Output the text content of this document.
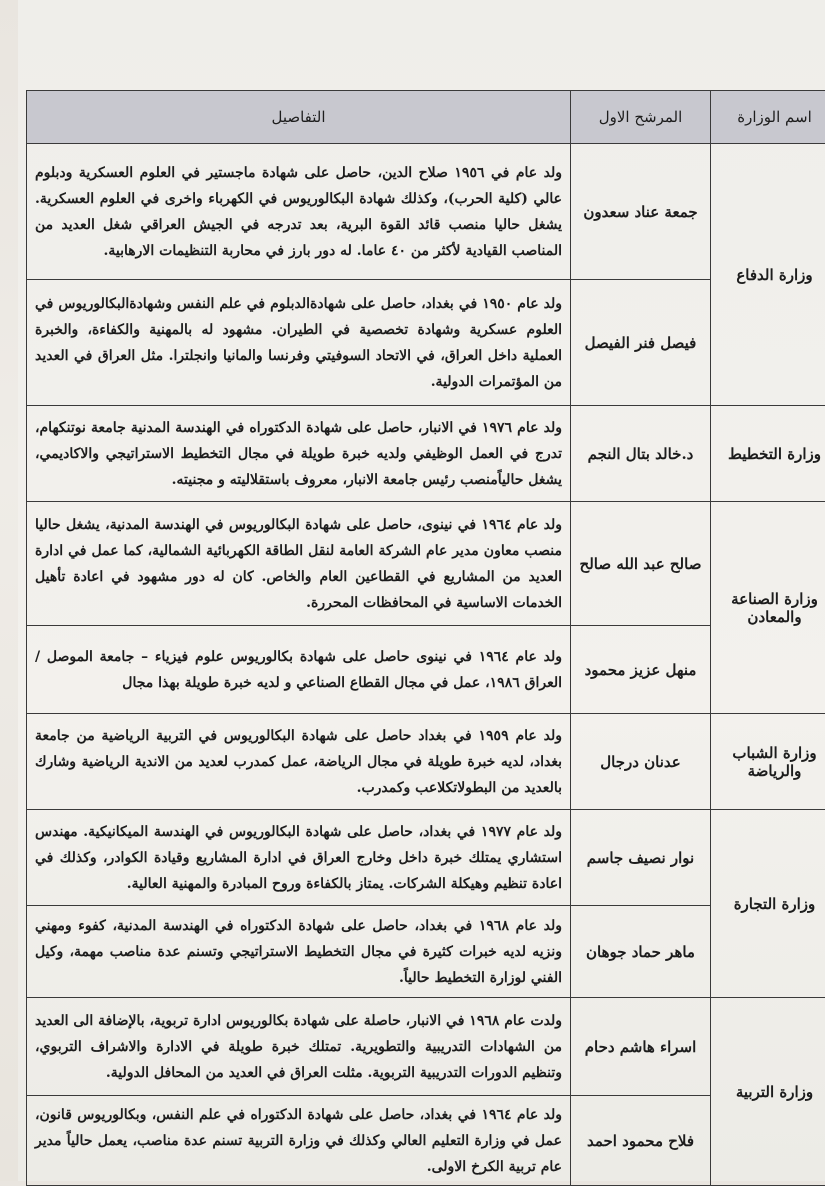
اسم الوزارة	المرشح الاول	التفاصيل
وزارة الدفاع	جمعة عناد سعدون	ولد عام في ١٩٥٦ صلاح الدين، حاصل على شهادة ماجستير في العلوم العسكرية ودبلوم عالي (كلية الحرب)، وكذلك شهادة البكالوريوس في الكهرباء واخرى في العلوم العسكرية. يشغل حاليا منصب قائد القوة البرية، بعد تدرجه في الجيش العراقي شغل العديد من المناصب القيادية لأكثر من ٤٠ عاما. له دور بارز في محاربة التنظيمات الارهابية.
	فيصل فنر الفيصل	ولد عام ١٩٥٠ في بغداد، حاصل على شهادةالدبلوم في علم النفس وشهادةالبكالوريوس في العلوم عسكرية وشهادة تخصصية في الطيران. مشهود له بالمهنية والكفاءة، والخبرة العملية داخل العراق، في الاتحاد السوفيتي وفرنسا والمانيا وانجلترا. مثل العراق في العديد من المؤتمرات الدولية.
وزارة التخطيط	د.خالد بتال النجم	ولد عام ١٩٧٦ في الانبار، حاصل على شهادة الدكتوراه في الهندسة المدنية جامعة نوتنكهام، تدرج في العمل الوظيفي ولديه خبرة طويلة في مجال التخطيط الاستراتيجي والاكاديمي، يشغل حالياًمنصب رئيس جامعة الانبار، معروف باستقلاليته و مجنيته.
وزارة الصناعة والمعادن	صالح عبد الله صالح	ولد عام ١٩٦٤ في نينوى، حاصل على شهادة البكالوريوس في الهندسة المدنية، يشغل حاليا منصب معاون مدير عام الشركة العامة لنقل الطاقة الكهربائية الشمالية، كما عمل في ادارة العديد من المشاريع في القطاعين العام والخاص. كان له دور مشهود في اعادة تأهيل الخدمات الاساسية في المحافظات المحررة.
	منهل عزيز محمود	ولد عام ١٩٦٤ في نينوى حاصل على شهادة بكالوريوس علوم فيزياء – جامعة الموصل / العراق ١٩٨٦، عمل في مجال القطاع الصناعي و لديه خبرة طويلة بهذا مجال
وزارة الشباب والرياضة	عدنان درجال	ولد عام ١٩٥٩ في بغداد حاصل على شهادة البكالوريوس في التربية الرياضية من جامعة بغداد، لديه خبرة طويلة في مجال الرياضة، عمل كمدرب لعديد من الاندية الرياضية وشارك بالعديد من البطولاتكلاعب وكمدرب.
وزارة التجارة	نوار نصيف جاسم	ولد عام ١٩٧٧ في بغداد، حاصل على شهادة البكالوريوس في الهندسة الميكانيكية. مهندس استشاري يمتلك خبرة داخل وخارج العراق في ادارة المشاريع وقيادة الكوادر، وكذلك في اعادة تنظيم وهيكلة الشركات. يمتاز بالكفاءة وروح المبادرة والمهنية العالية.
	ماهر حماد جوهان	ولد عام ١٩٦٨ في بغداد، حاصل على شهادة الدكتوراه في الهندسة المدنية، كفوء ومهني ونزيه لديه خبرات كثيرة في مجال التخطيط الاستراتيجي وتسنم عدة مناصب مهمة، وكيل الفني لوزارة التخطيط حالياً.
وزارة التربية	اسراء هاشم دحام	ولدت عام ١٩٦٨ في الانبار، حاصلة على شهادة بكالوريوس ادارة تربوية، بالإضافة الى العديد من الشهادات التدريبية والتطويرية. تمتلك خبرة طويلة في الادارة والاشراف التربوي، وتنظيم الدورات التدريبية التربوية. مثلت العراق في العديد من المحافل الدولية.
	فلاح محمود احمد	ولد عام ١٩٦٤ في بغداد، حاصل على شهادة الدكتوراه في علم النفس، وبكالوريوس قانون، عمل في وزارة التعليم العالي وكذلك في وزارة التربية تسنم عدة مناصب، يعمل حالياً مدير عام تربية الكرخ الاولى.
